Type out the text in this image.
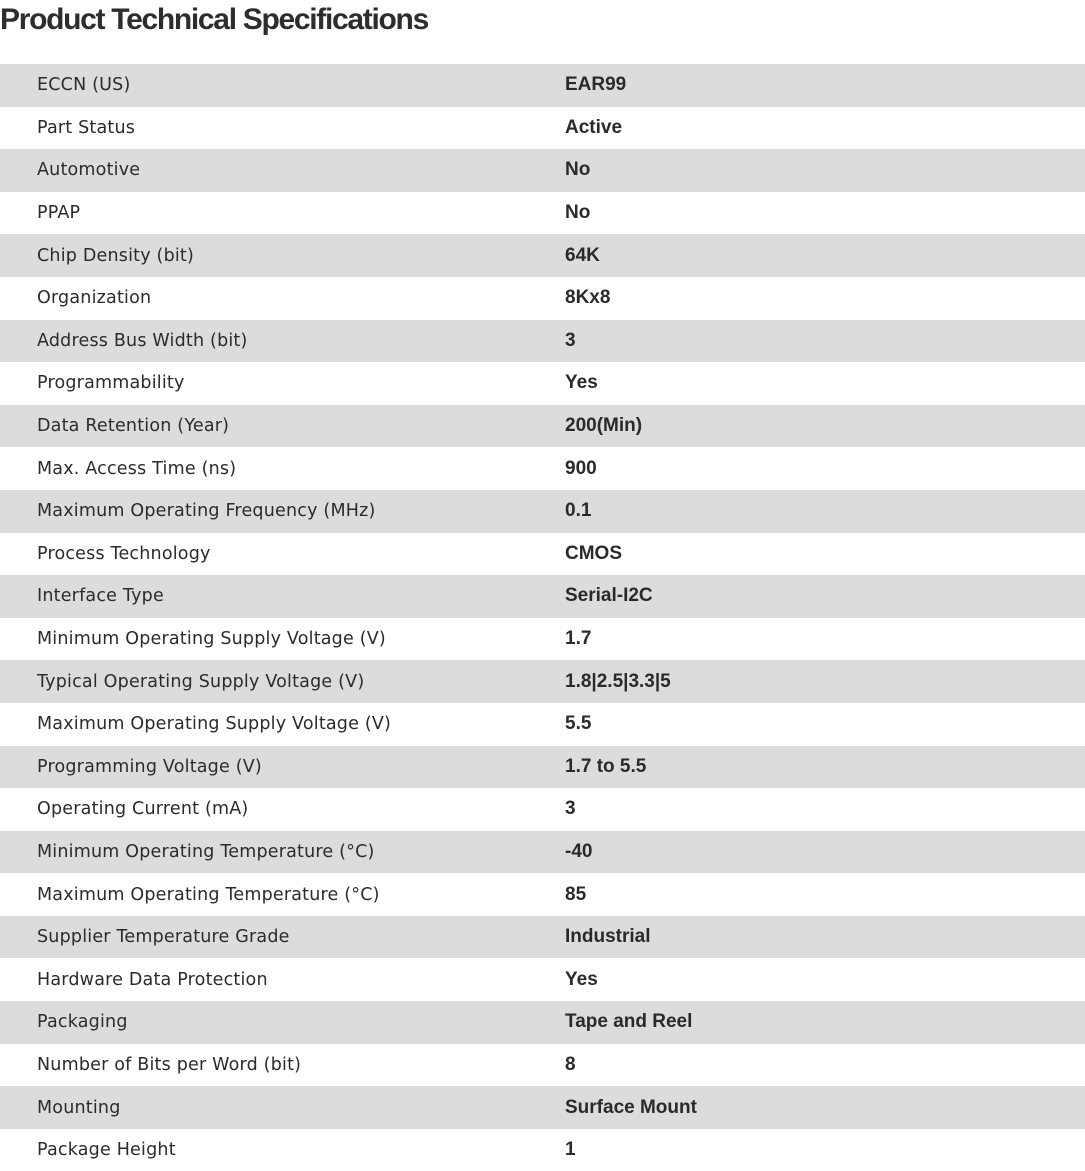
Product Technical Specifications
ECCN (US)	EAR99
Part Status	Active
Automotive	No
PPAP	No
Chip Density (bit)	64K
Organization	8Kx8
Address Bus Width (bit)	3
Programmability	Yes
Data Retention (Year)	200(Min)
Max. Access Time (ns)	900
Maximum Operating Frequency (MHz)	0.1
Process Technology	CMOS
Interface Type	Serial-I2C
Minimum Operating Supply Voltage (V)	1.7
Typical Operating Supply Voltage (V)	1.8|2.5|3.3|5
Maximum Operating Supply Voltage (V)	5.5
Programming Voltage (V)	1.7 to 5.5
Operating Current (mA)	3
Minimum Operating Temperature (°C)	-40
Maximum Operating Temperature (°C)	85
Supplier Temperature Grade	Industrial
Hardware Data Protection	Yes
Packaging	Tape and Reel
Number of Bits per Word (bit)	8
Mounting	Surface Mount
Package Height	1
